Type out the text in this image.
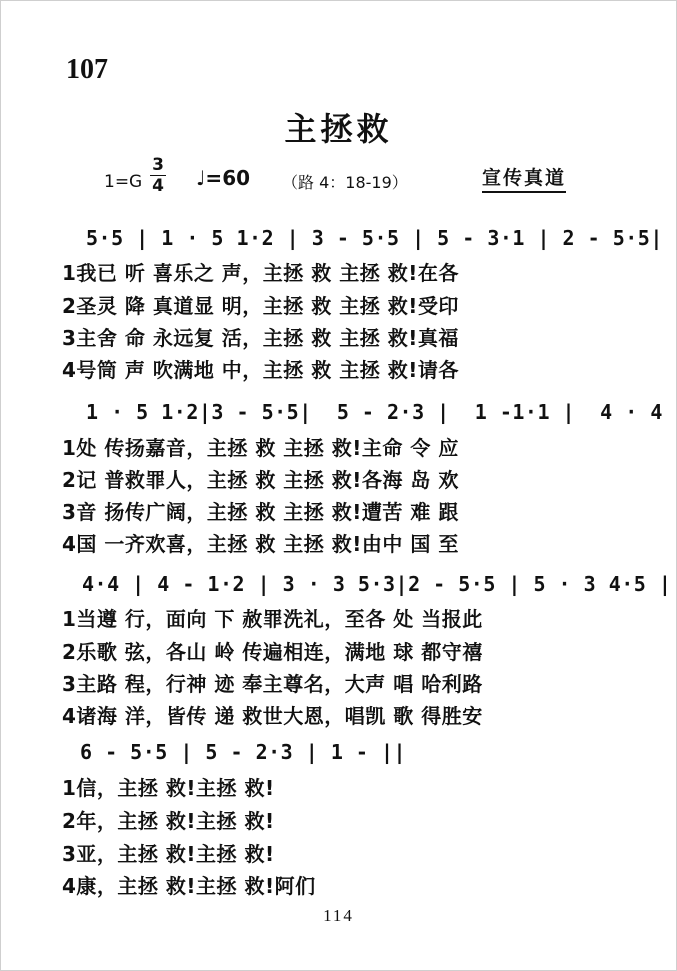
107
主拯救
1=G
3
4 ♩=60 （路 4：18-19）	宣传真道
5·5 | 1 · 5 1·2 | 3 - 5·5 | 5 - 3·1 | 2 - 5·5|
1我已 听 喜乐之 声，主拯 救 主拯 救!在各
2圣灵 降 真道显 明，主拯 救 主拯 救!受印
3主舍 命 永远复 活，主拯 救 主拯 救!真福
4号筒 声 吹满地 中，主拯 救 主拯 救!请各
1 · 5 1·2|3 - 5·5|  5 - 2·3 |  1 -1·1 |  4 · 4
1处 传扬嘉音，主拯 救 主拯 救!主命 令 应
2记 普救罪人，主拯 救 主拯 救!各海 岛 欢
3音 扬传广阔，主拯 救 主拯 救!遭苦 难 跟
4国 一齐欢喜，主拯 救 主拯 救!由中 国 至
4·4 | 4 - 1·2 | 3 · 3 5·3|2 - 5·5 | 5 · 3 4·5 |
1当遵 行，面向 下 赦罪洗礼，至各 处 当报此
2乐歌 弦，各山 岭 传遍相连，满地 球 都守禧
3主路 程，行神 迹 奉主尊名，大声 唱 哈利路
4诸海 洋，皆传 递 救世大恩，唱凯 歌 得胜安
6 - 5·5 | 5 - 2·3 | 1 - ||
1信，主拯 救!主拯 救!
2年，主拯 救!主拯 救!
3亚，主拯 救!主拯 救!
4康，主拯 救!主拯 救!阿们
114
